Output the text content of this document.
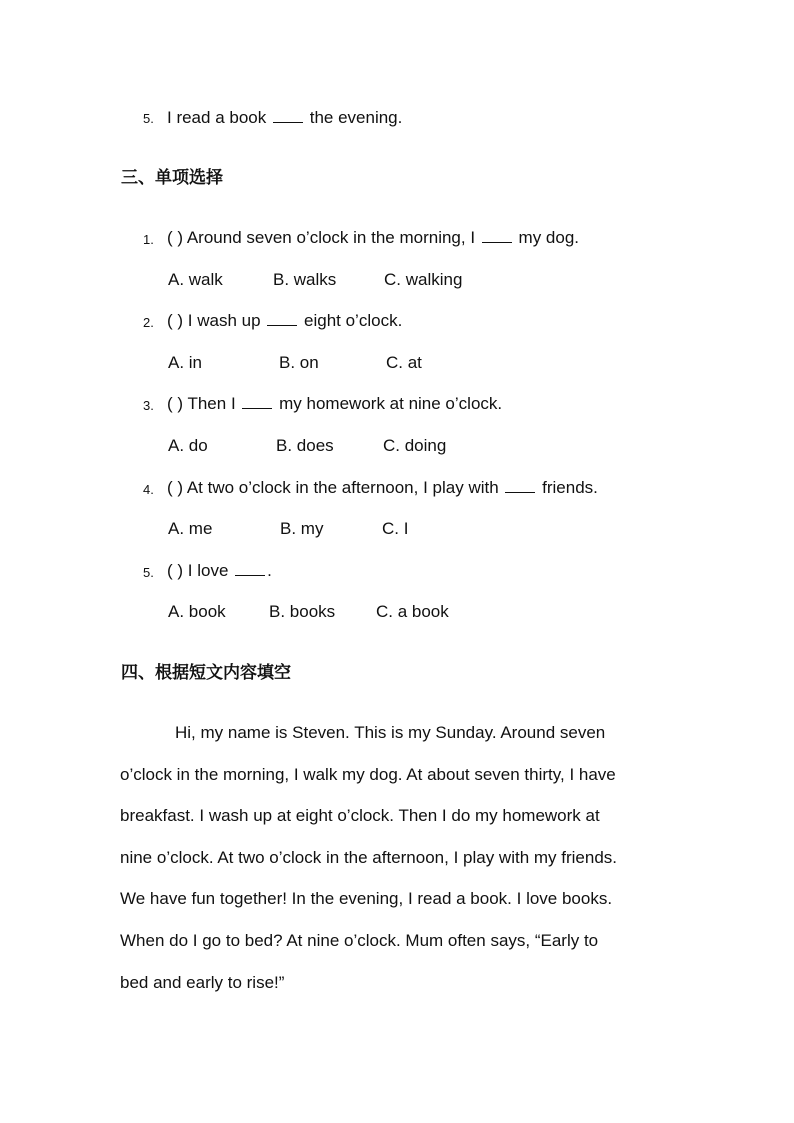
5. I read a book	the evening.
三、单项选择
1. ( ) Around seven o’clock in the morning, I	my dog.
A. walk	B. walks	C. walking
2. ( ) I wash up	eight o’clock.
A. in	B. on	C. at
3. ( ) Then I	my homework at nine o’clock.
A. do	B. does	C. doing
4. ( ) At two o’clock in the afternoon, I play with	friends.
A. me	B. my	C. I
5. ( ) I love .
A. book	B. books C. a book
四、根据短文内容填空
Hi, my name is Steven. This is my Sunday. Around seven
o’clock in the morning, I walk my dog. At about seven thirty, I have
breakfast. I wash up at eight o’clock. Then I do my homework at
nine o’clock. At two o’clock in the afternoon, I play with my friends.
We have fun together! In the evening, I read a book. I love books.
When do I go to bed? At nine o’clock. Mum often says, “Early to
bed and early to rise!”
